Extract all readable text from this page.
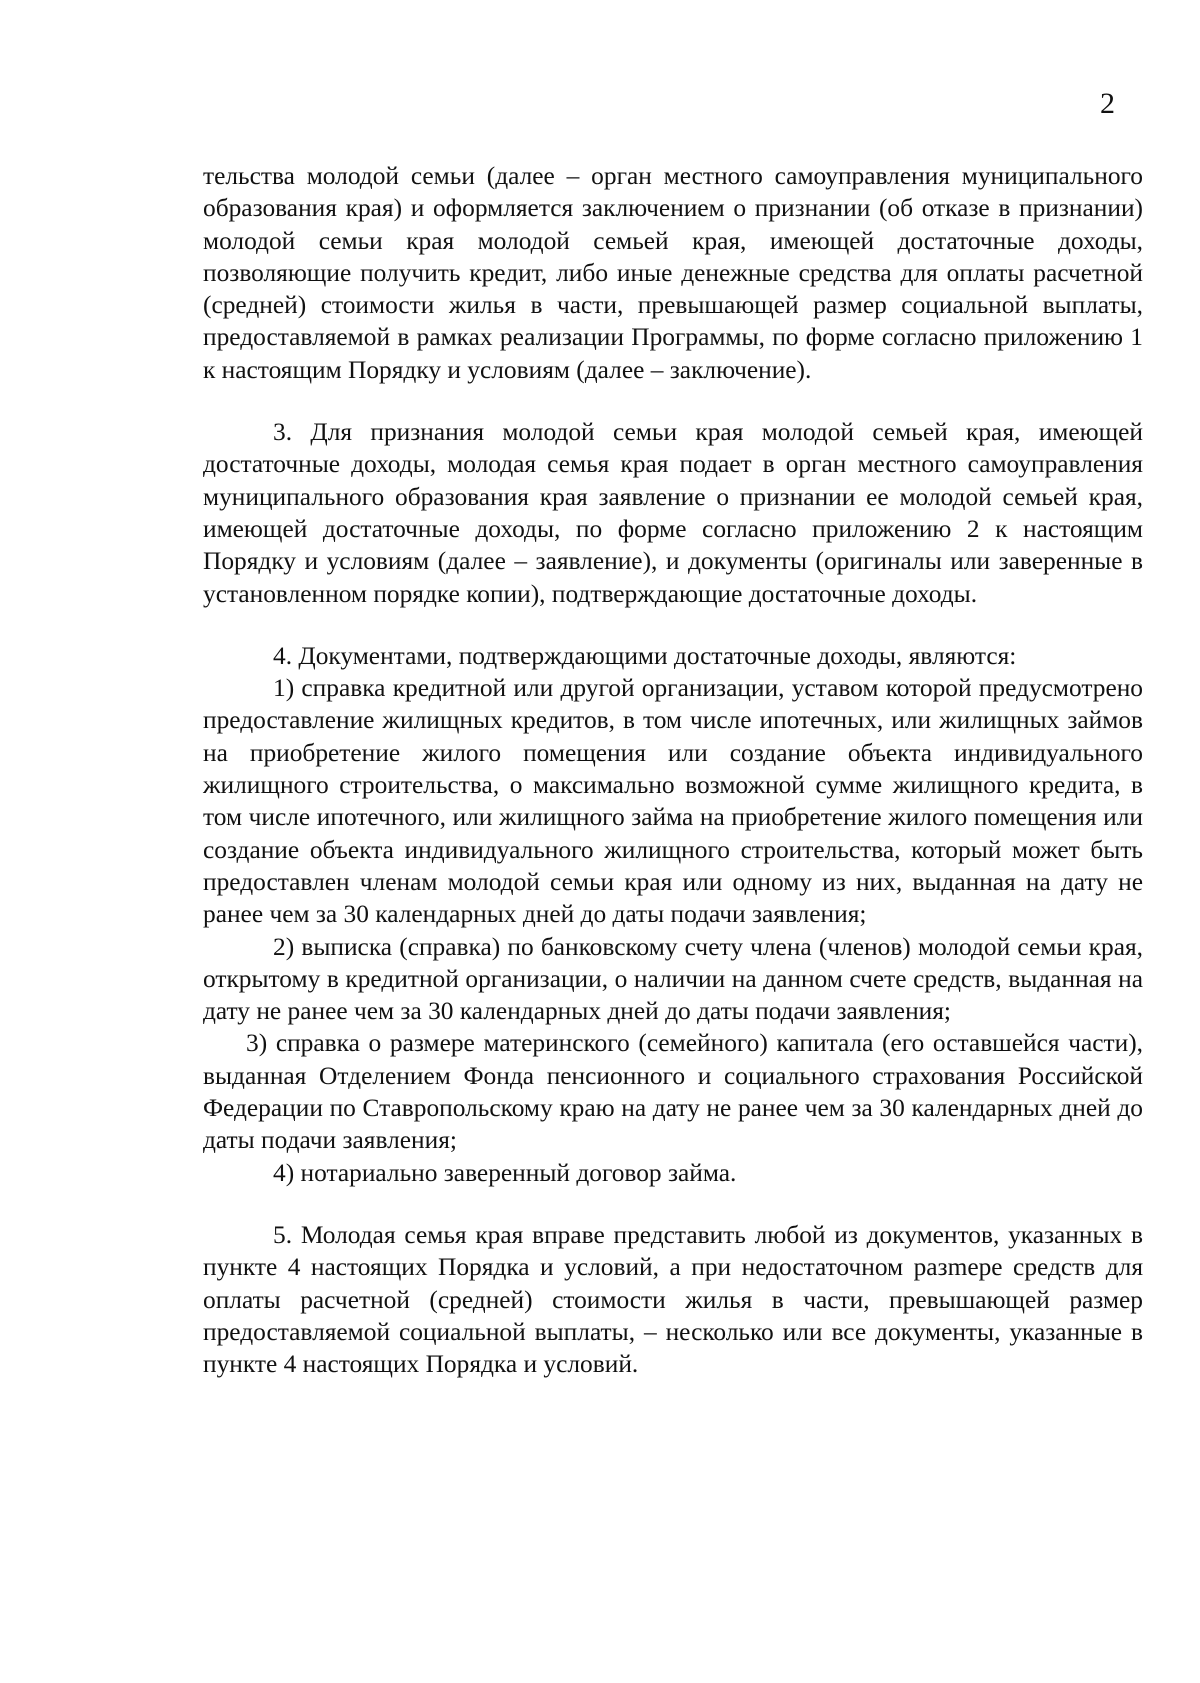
2

тельства молодой семьи (далее – орган местного самоуправления муниципального образования края) и оформляется заключением о признании (об отказе в признании) молодой семьи края молодой семьей края, имеющей достаточные доходы, позволяющие получить кредит, либо иные денежные средства для оплаты расчетной (средней) стоимости жилья в части, превышающей размер социальной выплаты, предоставляемой в рамках реализации Программы, по форме согласно приложению 1 к настоящим Порядку и условиям (далее – заключение).

3. Для признания молодой семьи края молодой семьей края, имеющей достаточные доходы, молодая семья края подает в орган местного самоуправления муниципального образования края заявление о признании ее молодой семьей края, имеющей достаточные доходы, по форме согласно приложению 2 к настоящим Порядку и условиям (далее – заявление), и документы (оригиналы или заверенные в установленном порядке копии), подтверждающие достаточные доходы.

4. Документами, подтверждающими достаточные доходы, являются:

1) справка кредитной или другой организации, уставом которой предусмотрено предоставление жилищных кредитов, в том числе ипотечных, или жилищных займов на приобретение жилого помещения или создание объекта индивидуального жилищного строительства, о максимально возможной сумме жилищного кредита, в том числе ипотечного, или жилищного займа на приобретение жилого помещения или создание объекта индивидуального жилищного строительства, который может быть предоставлен членам молодой семьи края или одному из них, выданная на дату не ранее чем за 30 календарных дней до даты подачи заявления;

2) выписка (справка) по банковскому счету члена (членов) молодой семьи края, открытому в кредитной организации, о наличии на данном счете средств, выданная на дату не ранее чем за 30 календарных дней до даты подачи заявления;

3) справка о размере материнского (семейного) капитала (его оставшейся части), выданная Отделением Фонда пенсионного и социального страхования Российской Федерации по Ставропольскому краю на дату не ранее чем за 30 календарных дней до даты подачи заявления;

4) нотариально заверенный договор займа.

5. Молодая семья края вправе представить любой из документов, указанных в пункте 4 настоящих Порядка и условий, а при недостаточном разmере средств для оплаты расчетной (средней) стоимости жилья в части, превышающей размер предоставляемой социальной выплаты, – несколько или все документы, указанные в пункте 4 настоящих Порядка и условий.
